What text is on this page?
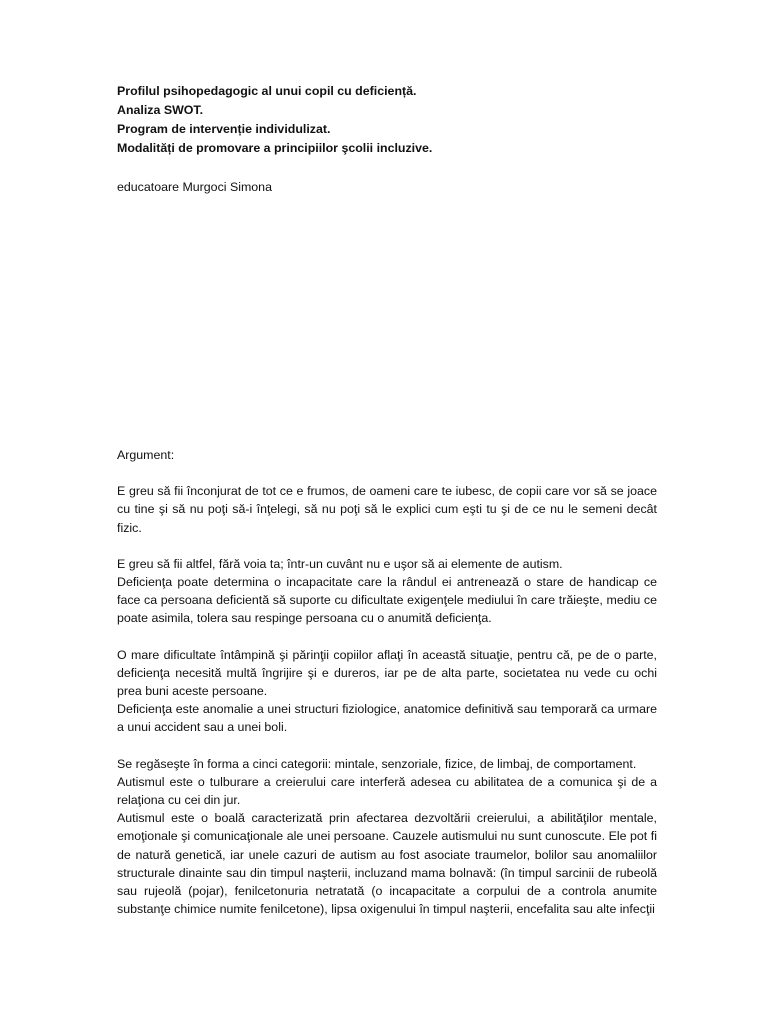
Profilul psihopedagogic al unui copil cu deficiență.
Analiza SWOT.
Program de intervenție individulizat.
Modalități de promovare a principiilor şcolii incluzive.
educatoare Murgoci Simona

Argument:

E greu să fii înconjurat de tot ce e frumos, de oameni care te iubesc, de copii care vor să se joace cu tine şi să nu poţi să-i înţelegi, să nu poţi să le explici cum eşti tu şi de ce nu le semeni decât fizic.

E greu să fii altfel, fără voia ta; într-un cuvânt nu e uşor să ai elemente de autism.

Deficienţa poate determina o incapacitate care la rândul ei antrenează o stare de handicap ce face ca persoana deficientă să suporte cu dificultate exigenţele mediului în care trăieşte, mediu ce poate asimila, tolera sau respinge persoana cu o anumită deficienţa.

O mare dificultate întâmpină şi părinţii copiilor aflaţi în această situaţie, pentru că, pe de o parte, deficienţa necesită multă îngrijire şi e dureros, iar pe de alta parte, societatea nu vede cu ochi prea buni aceste persoane.

Deficienţa este anomalie a unei structuri fiziologice, anatomice definitivă sau temporară ca urmare a unui accident sau a unei boli.

Se regăseşte în forma a cinci categorii: mintale, senzoriale, fizice, de limbaj, de comportament.

Autismul este o tulburare a creierului care interferă adesea cu abilitatea de a comunica şi de a relaţiona cu cei din jur.

Autismul este o boală caracterizată prin afectarea dezvoltării creierului, a abilităţilor mentale, emoţionale şi comunicaţionale ale unei persoane. Cauzele autismului nu sunt cunoscute. Ele pot fi de natură genetică, iar unele cazuri de autism au fost asociate traumelor, bolilor sau anomaliilor structurale dinainte sau din timpul naşterii, incluzand mama bolnavă: (în timpul sarcinii de rubeolă sau rujeolă (pojar), fenilcetonuria netratată (o incapacitate a corpului de a controla anumite substanţe chimice numite fenilcetone), lipsa oxigenului în timpul naşterii, encefalita sau alte infecţii
